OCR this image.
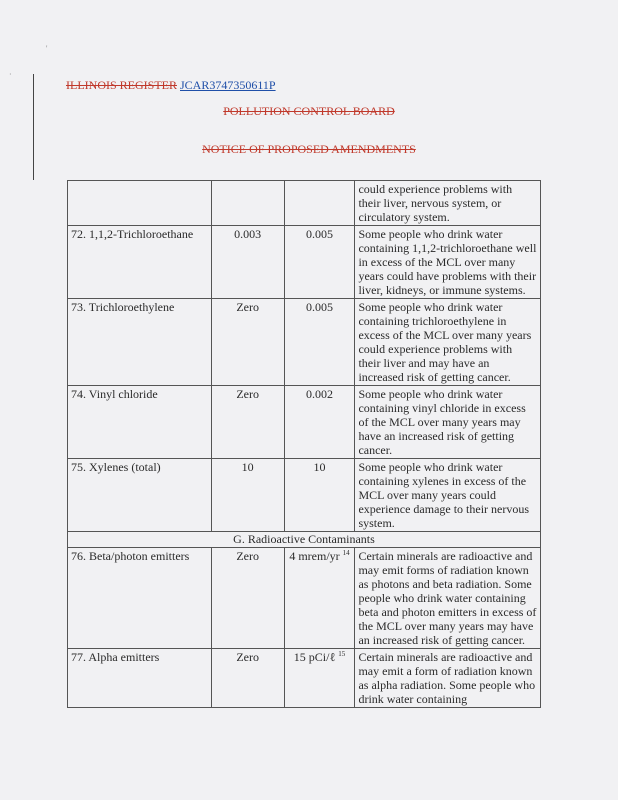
·
'
ILLINOIS REGISTER JCAR3747350611P
POLLUTION CONTROL BOARD
NOTICE OF PROPOSED AMENDMENTS
			could experience problems with their liver, nervous system, or circulatory system.
72. 1,1,2-Trichloroethane	0.003	0.005	Some people who drink water containing 1,1,2-trichloroethane well in excess of the MCL over many years could have problems with their liver, kidneys, or immune systems.
73. Trichloroethylene	Zero	0.005	Some people who drink water containing trichloroethylene in excess of the MCL over many years could experience problems with their liver and may have an increased risk of getting cancer.
74. Vinyl chloride	Zero	0.002	Some people who drink water containing vinyl chloride in excess of the MCL over many years may have an increased risk of getting cancer.
75. Xylenes (total)	10	10	Some people who drink water containing xylenes in excess of the MCL over many years could experience damage to their nervous system.
G. Radioactive Contaminants			
76. Beta/photon emitters	Zero	4 mrem/yr $^{14}$	Certain minerals are radioactive and may emit forms of radiation known as photons and beta radiation. Some people who drink water containing beta and photon emitters in excess of the MCL over many years may have an increased risk of getting cancer.
77. Alpha emitters	Zero	15 pCi/ℓ $^{15}$	Certain minerals are radioactive and may emit a form of radiation known as alpha radiation. Some people who drink water containing
